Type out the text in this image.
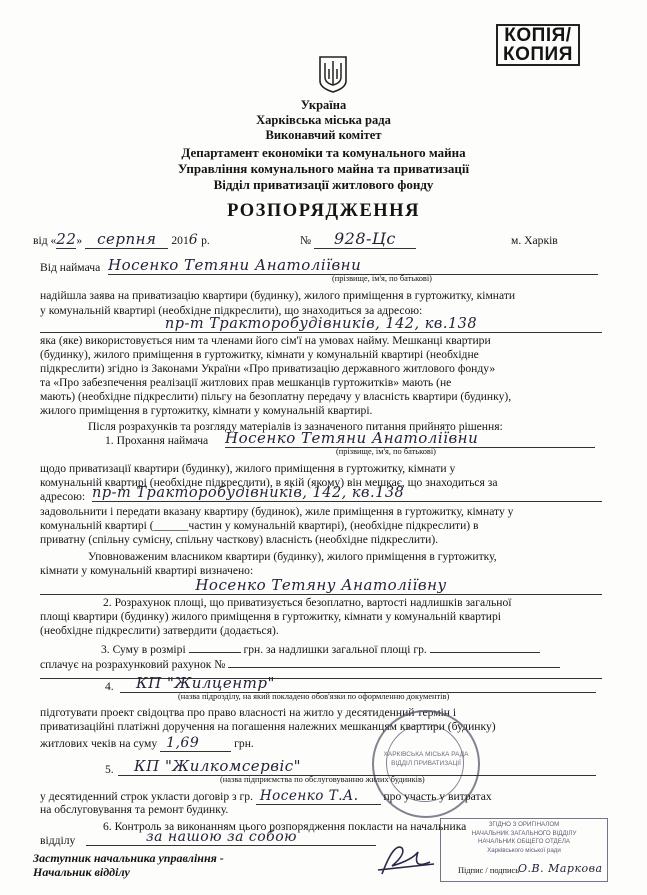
КОПІЯ/
КОПИЯ
Україна
Харківська міська рада
Виконавчий комітет
Департамент економіки та комунального майна
Управління комунального майна та приватизації
Відділ приватизації житлового фонду
РОЗПОРЯДЖЕННЯ
від «22» серпня 2016 р.	№ 928-Цс	м. Харків
Від наймача Носенко Тетяни Анатоліївни
(прізвище, ім'я, по батькові)
надійшла заява на приватизацію квартири (будинку), жилого приміщення в гуртожитку, кімнати
у комунальній квартирі (необхідне підкреслити), що знаходиться за адресою:
пр-т Тракторобудівників, 142, кв.138
яка (яке) використовується ним та членами його сім'ї на умовах найму. Мешканці квартири
(будинку), жилого приміщення в гуртожитку, кімнати у комунальній квартирі (необхідне
підкреслити) згідно із Законами України «Про приватизацію державного житлового фонду»
та «Про забезпечення реалізації житлових прав мешканців гуртожитків» мають (не
мають) (необхідне підкреслити) пільгу на безоплатну передачу у власність квартири (будинку),
жилого приміщення в гуртожитку, кімнати у комунальній квартирі.
Після розрахунків та розгляду матеріалів із зазначеного питання прийнято рішення:
1. Прохання наймача Носенко Тетяни Анатоліївни
(прізвище, ім'я, по батькові)
щодо приватизації квартири (будинку), жилого приміщення в гуртожитку, кімнати у
комунальній квартирі (необхідне підкреслити), в якій (якому) він мешкає, що знаходиться за
адресою: пр-т Тракторобудівників, 142, кв.138
задовольнити і передати вказану квартиру (будинок), жиле приміщення в гуртожитку, кімнату у
комунальній квартирі (______частин у комунальній квартирі), (необхідне підкреслити) в
приватну (спільну сумісну, спільну часткову) власність (необхідне підкреслити).
Уповноваженим власником квартири (будинку), жилого приміщення в гуртожитку,
кімнати у комунальній квартирі визначено:
Носенко Тетяну Анатоліївну
2. Розрахунок площі, що приватизується безоплатно, вартості надлишків загальної
площі квартири (будинку) жилого приміщення в гуртожитку, кімнати у комунальній квартирі
(необхідне підкреслити) затвердити (додається).
3. Суму в розмірі	грн. за надлишки загальної площі гр.
сплачує на розрахунковий рахунок №
4.	КП "Жилцентр"
(назва підрозділу, на який покладено обов'язки по оформленню документів)
підготувати проект свідоцтва про право власності на житло у десятиденний термін і
приватизаційні платіжні доручення на погашення належних мешканцям квартири (будинку)
житлових чеків на суму 1,69	грн.
ХАРКІВСЬКА МІСЬКА РАДА
ВІДДІЛ ПРИВАТИЗАЦІЇ
5.	КП "Жилкомсервіс"
(назва підприємства по обслуговуванню жилих будинків)
у десятиденний строк укласти договір з гр. Носенко Т.А. про участь у витратах
на обслуговування та ремонт будинку.
6. Контроль за виконанням цього розпорядження покласти на начальника
відділу	за нашою за собою
ЗГІДНО З ОРИГІНАЛОМ
НАЧАЛЬНИК ЗАГАЛЬНОГО ВІДДІЛУ
НАЧАЛЬНИК ОБЩЕГО ОТДЕЛА
Харківського міської ради
Підпис / подпись
О.В. Маркова
Заступник начальника управління -
Начальник відділу
